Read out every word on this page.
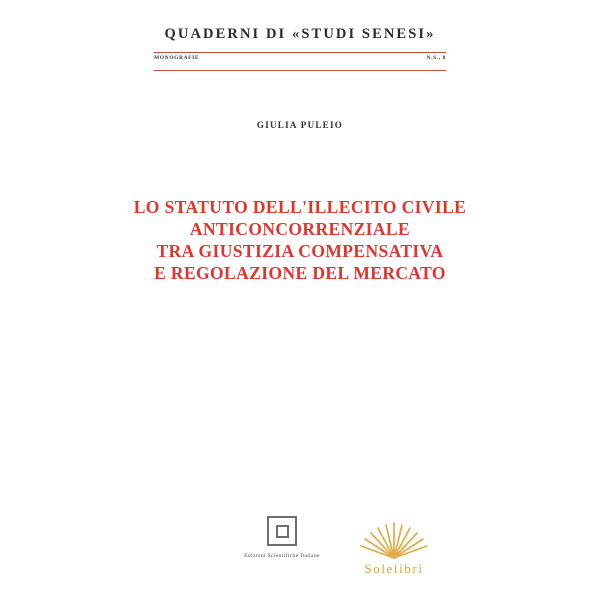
QUADERNI DI «STUDI SENESI»
MONOGRAFIE	N.S., 8
GIULIA PULEIO
LO STATUTO DELL'ILLECITO CIVILE
ANTICONCORRENZIALE
TRA GIUSTIZIA COMPENSATIVA
E REGOLAZIONE DEL MERCATO
Edizioni Scientifiche Italiane
Solelibri
